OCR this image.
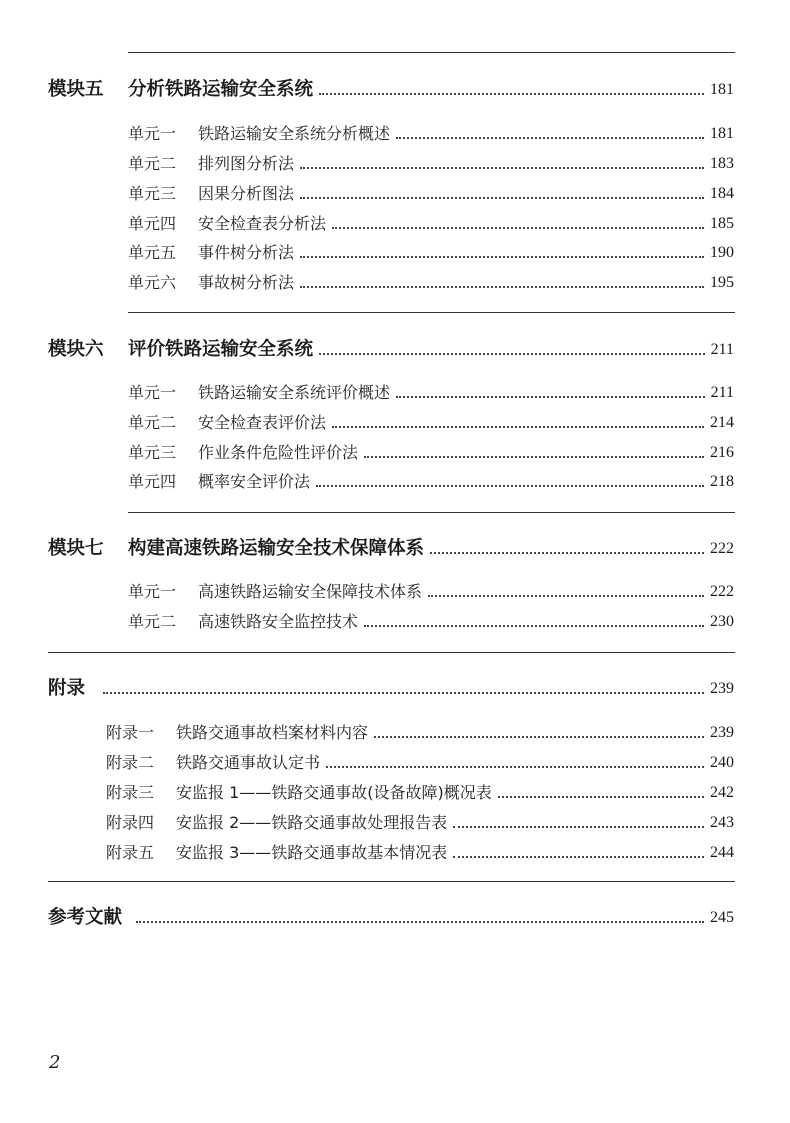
模块五	分析铁路运输安全系统	181
单元一	铁路运输安全系统分析概述	181
单元二	排列图分析法	183
单元三	因果分析图法	184
单元四	安全检查表分析法	185
单元五	事件树分析法	190
单元六	事故树分析法	195
模块六	评价铁路运输安全系统	211
单元一	铁路运输安全系统评价概述	211
单元二	安全检查表评价法	214
单元三	作业条件危险性评价法	216
单元四	概率安全评价法	218
模块七	构建高速铁路运输安全技术保障体系	222
单元一	高速铁路运输安全保障技术体系	222
单元二	高速铁路安全监控技术	230
附录	239
附录一	铁路交通事故档案材料内容	239
附录二	铁路交通事故认定书	240
附录三	安监报 1——铁路交通事故(设备故障)概况表	242
附录四	安监报 2——铁路交通事故处理报告表	243
附录五	安监报 3——铁路交通事故基本情况表	244
参考文献	245
2
